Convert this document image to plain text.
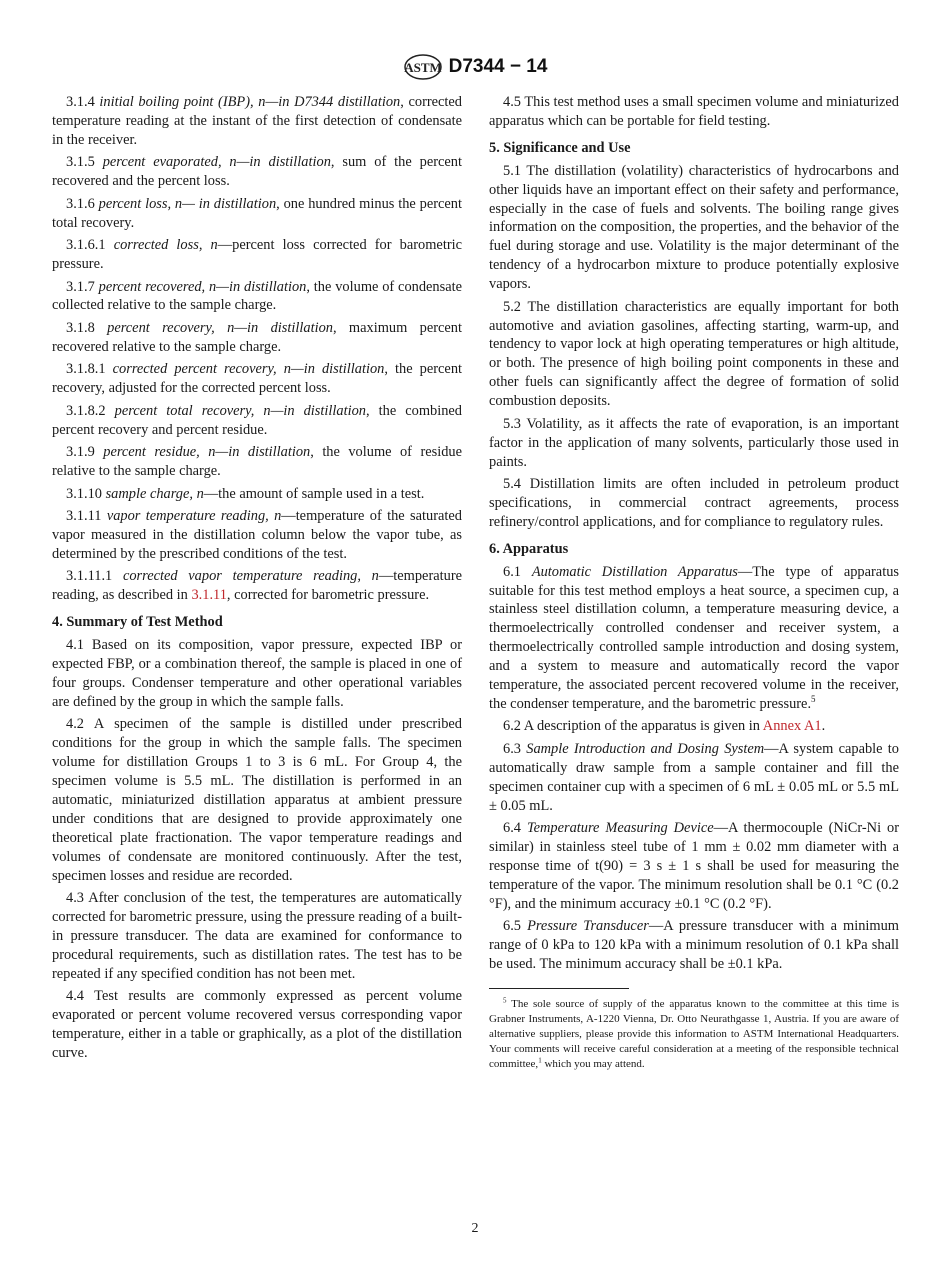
ASTM D7344 − 14

3.1.4 initial boiling point (IBP), n—in D7344 distillation, corrected temperature reading at the instant of the first detection of condensate in the receiver.

3.1.5 percent evaporated, n—in distillation, sum of the percent recovered and the percent loss.

3.1.6 percent loss, n— in distillation, one hundred minus the percent total recovery.

3.1.6.1 corrected loss, n—percent loss corrected for barometric pressure.

3.1.7 percent recovered, n—in distillation, the volume of condensate collected relative to the sample charge.

3.1.8 percent recovery, n—in distillation, maximum percent recovered relative to the sample charge.

3.1.8.1 corrected percent recovery, n—in distillation, the percent recovery, adjusted for the corrected percent loss.

3.1.8.2 percent total recovery, n—in distillation, the combined percent recovery and percent residue.

3.1.9 percent residue, n—in distillation, the volume of residue relative to the sample charge.

3.1.10 sample charge, n—the amount of sample used in a test.

3.1.11 vapor temperature reading, n—temperature of the saturated vapor measured in the distillation column below the vapor tube, as determined by the prescribed conditions of the test.

3.1.11.1 corrected vapor temperature reading, n—temperature reading, as described in 3.1.11, corrected for barometric pressure.

4. Summary of Test Method

4.1 Based on its composition, vapor pressure, expected IBP or expected FBP, or a combination thereof, the sample is placed in one of four groups. Condenser temperature and other operational variables are defined by the group in which the sample falls.

4.2 A specimen of the sample is distilled under prescribed conditions for the group in which the sample falls. The specimen volume for distillation Groups 1 to 3 is 6 mL. For Group 4, the specimen volume is 5.5 mL. The distillation is performed in an automatic, miniaturized distillation apparatus at ambient pressure under conditions that are designed to provide approximately one theoretical plate fractionation. The vapor temperature readings and volumes of condensate are monitored continuously. After the test, specimen losses and residue are recorded.

4.3 After conclusion of the test, the temperatures are automatically corrected for barometric pressure, using the pressure reading of a built-in pressure transducer. The data are examined for conformance to procedural requirements, such as distillation rates. The test has to be repeated if any specified condition has not been met.

4.4 Test results are commonly expressed as percent volume evaporated or percent volume recovered versus corresponding vapor temperature, either in a table or graphically, as a plot of the distillation curve.

4.5 This test method uses a small specimen volume and miniaturized apparatus which can be portable for field testing.

5. Significance and Use

5.1 The distillation (volatility) characteristics of hydrocarbons and other liquids have an important effect on their safety and performance, especially in the case of fuels and solvents. The boiling range gives information on the composition, the properties, and the behavior of the fuel during storage and use. Volatility is the major determinant of the tendency of a hydrocarbon mixture to produce potentially explosive vapors.

5.2 The distillation characteristics are equally important for both automotive and aviation gasolines, affecting starting, warm-up, and tendency to vapor lock at high operating temperatures or high altitude, or both. The presence of high boiling point components in these and other fuels can significantly affect the degree of formation of solid combustion deposits.

5.3 Volatility, as it affects the rate of evaporation, is an important factor in the application of many solvents, particularly those used in paints.

5.4 Distillation limits are often included in petroleum product specifications, in commercial contract agreements, process refinery/control applications, and for compliance to regulatory rules.

6. Apparatus

6.1 Automatic Distillation Apparatus—The type of apparatus suitable for this test method employs a heat source, a specimen cup, a stainless steel distillation column, a temperature measuring device, a thermoelectrically controlled condenser and receiver system, a thermoelectrically controlled sample introduction and dosing system, and a system to measure and automatically record the vapor temperature, the associated percent recovered volume in the receiver, the condenser temperature, and the barometric pressure.$^5$

6.2 A description of the apparatus is given in Annex A1.

6.3 Sample Introduction and Dosing System—A system capable to automatically draw sample from a sample container and fill the specimen container cup with a specimen of 6 mL ± 0.05 mL or 5.5 mL ± 0.05 mL.

6.4 Temperature Measuring Device—A thermocouple (NiCr-Ni or similar) in stainless steel tube of 1 mm ± 0.02 mm diameter with a response time of t(90) = 3 s ± 1 s shall be used for measuring the temperature of the vapor. The minimum resolution shall be 0.1 °C (0.2 °F), and the minimum accuracy ±0.1 °C (0.2 °F).

6.5 Pressure Transducer—A pressure transducer with a minimum range of 0 kPa to 120 kPa with a minimum resolution of 0.1 kPa shall be used. The minimum accuracy shall be ±0.1 kPa.

$^5$ The sole source of supply of the apparatus known to the committee at this time is Grabner Instruments, A-1220 Vienna, Dr. Otto Neurathgasse 1, Austria. If you are aware of alternative suppliers, please provide this information to ASTM International Headquarters. Your comments will receive careful consideration at a meeting of the responsible technical committee,$^1$ which you may attend.

2
